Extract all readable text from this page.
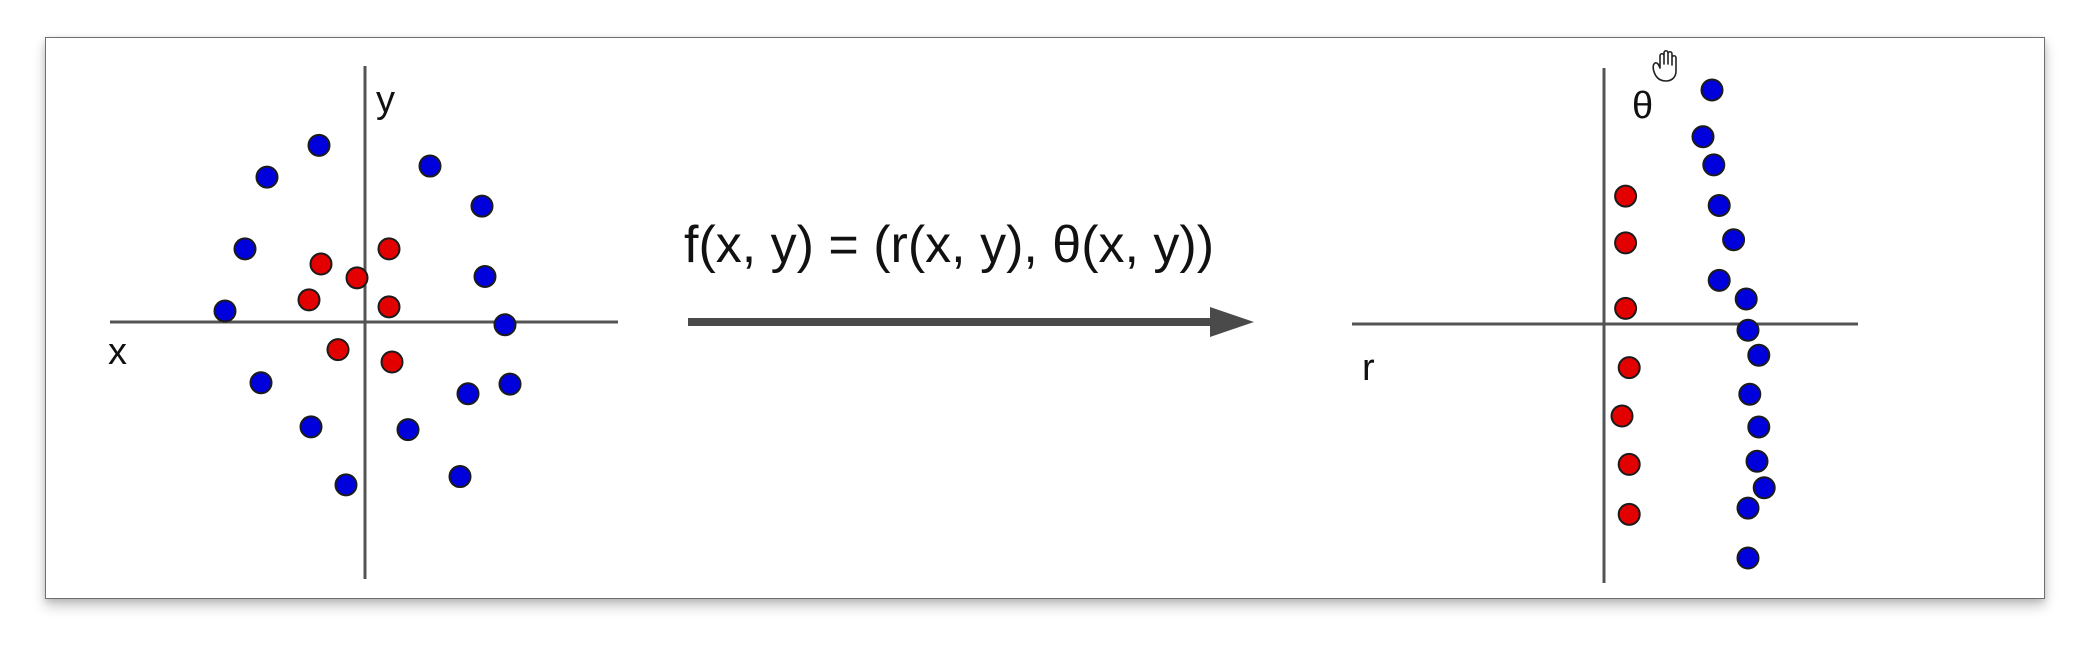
x
y
f(x, y) = (r(x, y), θ(x, y))
r
θ
